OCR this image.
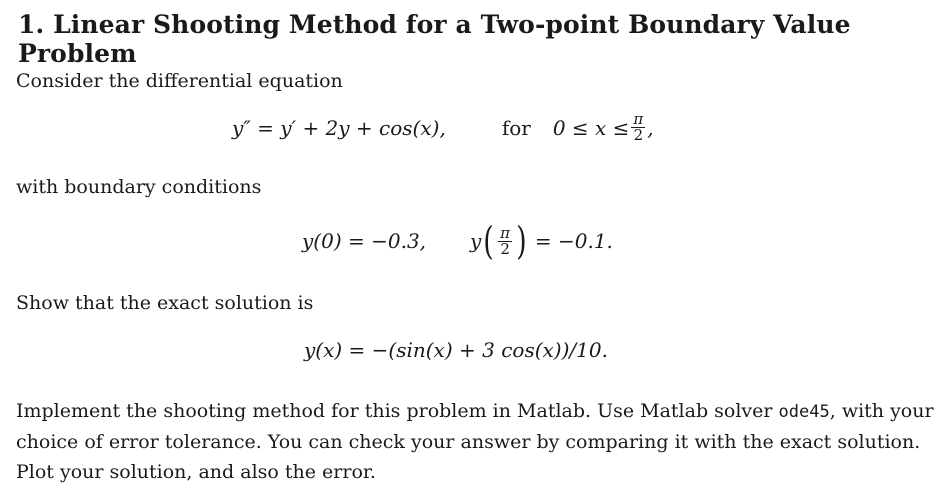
1. Linear Shooting Method for a Two-point Boundary Value Problem
Consider the differential equation
y″ = y′ + 2y + cos(x),	for $0 \le x \le \frac{\pi}{2}$ ,
with boundary conditions
y(0) = −0.3, y ( $\frac{\pi}{2}$ ) = −0.1.
Show that the exact solution is
y(x) = −(sin(x) + 3 cos(x))/10.
Implement the shooting method for this problem in Matlab. Use Matlab solver ode45, with your choice of error tolerance. You can check your answer by comparing it with the exact solution. Plot your solution, and also the error.
